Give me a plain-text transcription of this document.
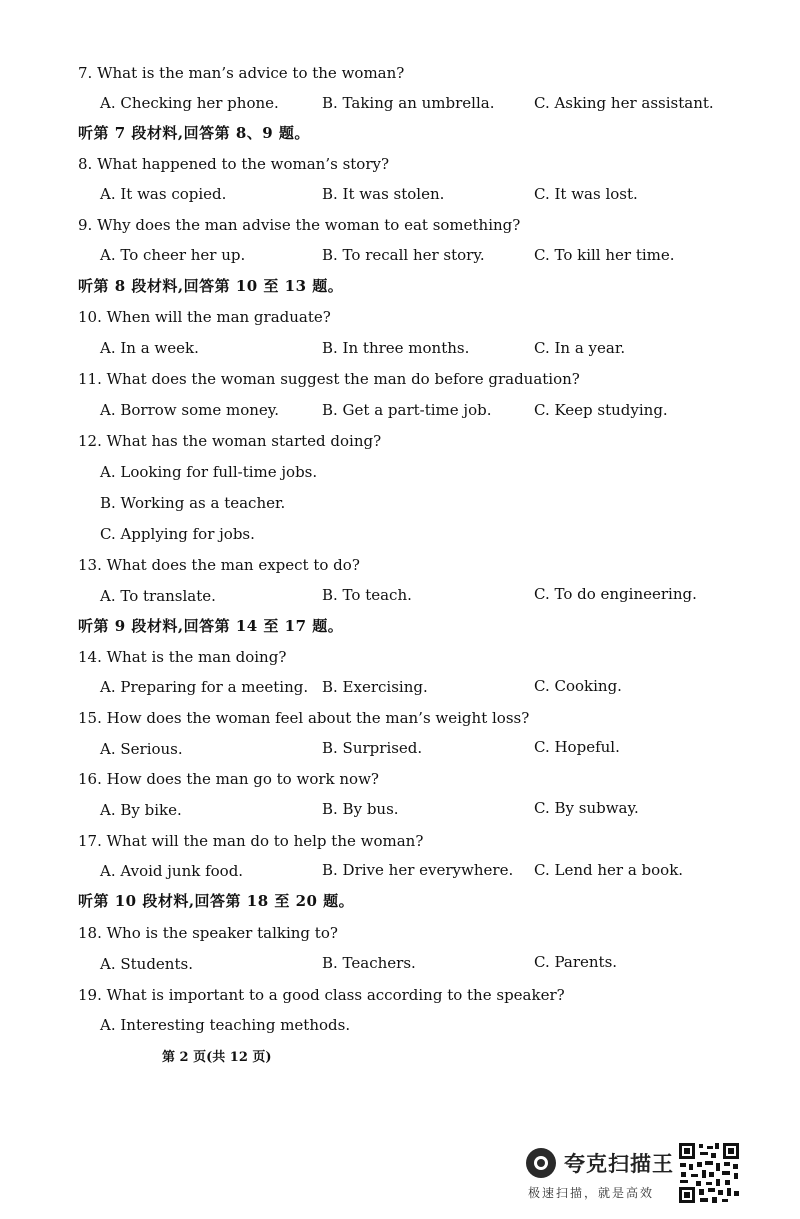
7. What is the man’s advice to the woman?
A. Checking her phone.	B. Taking an umbrella.	C. Asking her assistant.
听第 7 段材料,回答第 8、9 题。
8. What happened to the woman’s story?
A. It was copied.	B. It was stolen.	C. It was lost.
9. Why does the man advise the woman to eat something?
A. To cheer her up.	B. To recall her story.	C. To kill her time.
听第 8 段材料,回答第 10 至 13 题。
10. When will the man graduate?
A. In a week.	B. In three months.	C. In a year.
11. What does the woman suggest the man do before graduation?
A. Borrow some money.	B. Get a part-time job.	C. Keep studying.
12. What has the woman started doing?
A. Looking for full-time jobs.
B. Working as a teacher.
C. Applying for jobs.
13. What does the man expect to do?
A. To translate.	B. To teach.	C. To do engineering.
听第 9 段材料,回答第 14 至 17 题。
14. What is the man doing?
A. Preparing for a meeting. B. Exercising.	C. Cooking.
15. How does the woman feel about the man’s weight loss?
A. Serious.	B. Surprised.	C. Hopeful.
16. How does the man go to work now?
A. By bike.	B. By bus.	C. By subway.
17. What will the man do to help the woman?
A. Avoid junk food.	B. Drive her everywhere. C. Lend her a book.
听第 10 段材料,回答第 18 至 20 题。
18. Who is the speaker talking to?
A. Students.	B. Teachers.	C. Parents.
19. What is important to a good class according to the speaker?
A. Interesting teaching methods.
第 2 页(共 12 页)
夸克扫描王
极速扫描，就是高效
